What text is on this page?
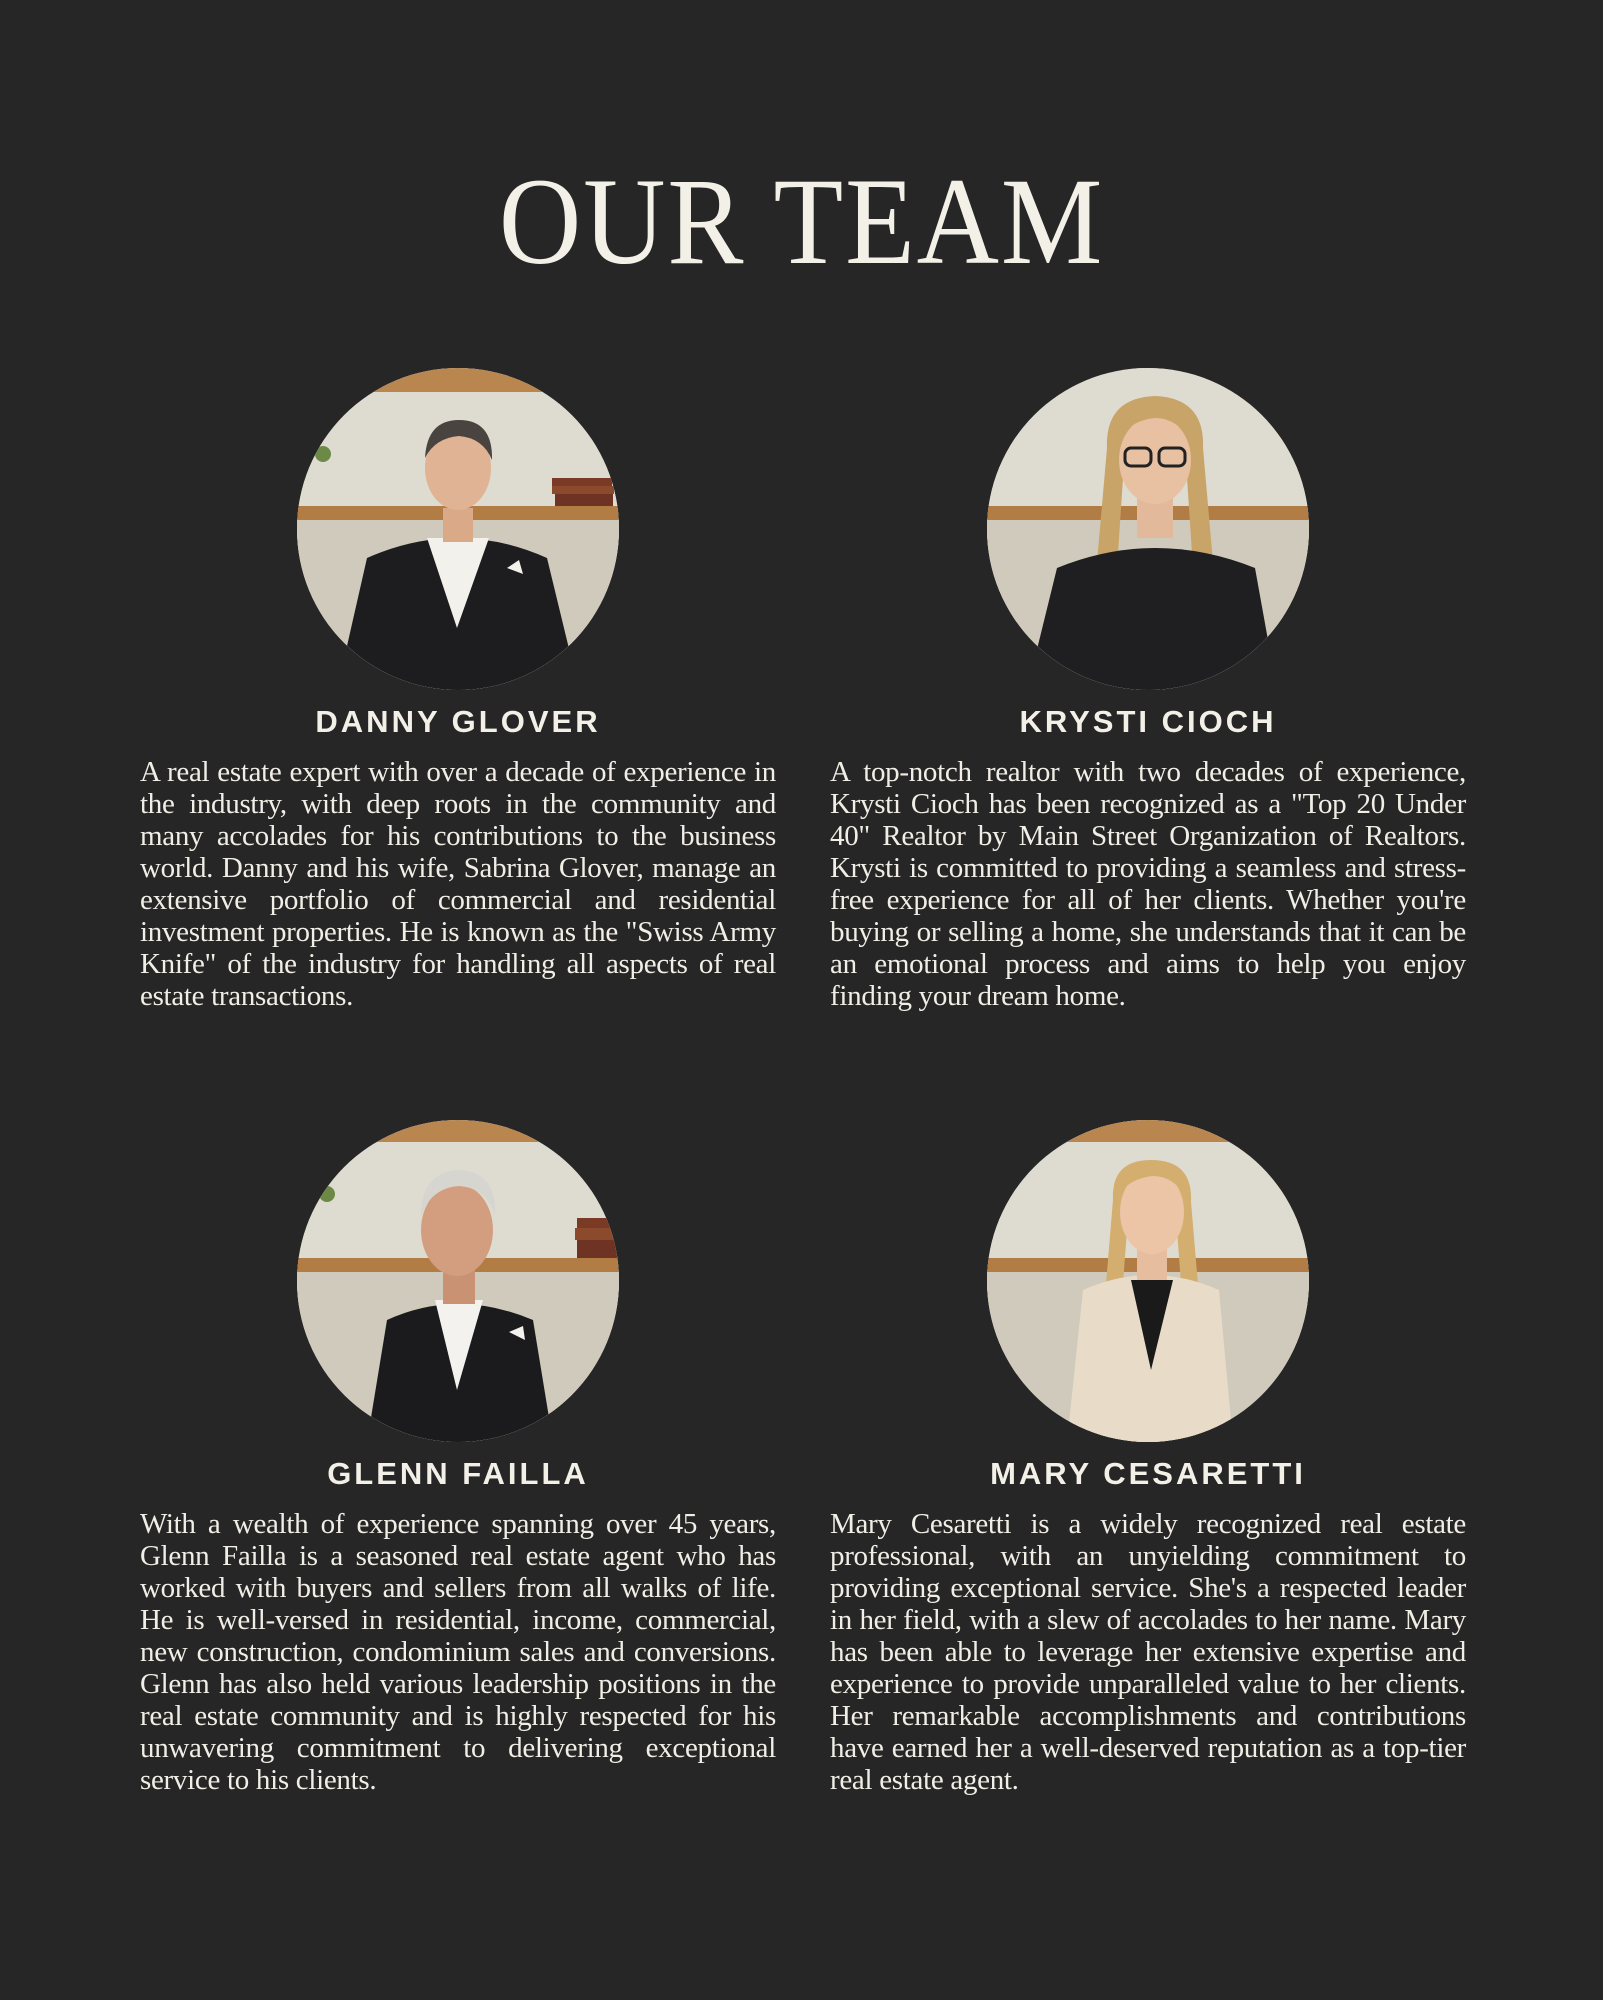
OUR TEAM
DANNY GLOVER
A real estate expert with over a decade of experience in the industry, with deep roots in the community and many accolades for his contributions to the business world. Danny and his wife, Sabrina Glover, manage an extensive portfolio of commercial and residential investment properties. He is known as the "Swiss Army Knife" of the industry for handling all aspects of real estate transactions.
KRYSTI CIOCH
A top-notch realtor with two decades of experience, Krysti Cioch has been recognized as a "Top 20 Under 40" Realtor by Main Street Organization of Realtors. Krysti is committed to providing a seamless and stress-free experience for all of her clients. Whether you're buying or selling a home, she understands that it can be an emotional process and aims to help you enjoy finding your dream home.
GLENN FAILLA
With a wealth of experience spanning over 45 years, Glenn Failla is a seasoned real estate agent who has worked with buyers and sellers from all walks of life. He is well-versed in residential, income, commercial, new construction, condominium sales and conversions. Glenn has also held various leadership positions in the real estate community and is highly respected for his unwavering commitment to delivering exceptional service to his clients.
MARY CESARETTI
Mary Cesaretti is a widely recognized real estate professional, with an unyielding commitment to providing exceptional service. She's a respected leader in her field, with a slew of accolades to her name. Mary has been able to leverage her extensive expertise and experience to provide unparalleled value to her clients. Her remarkable accomplishments and contributions have earned her a well-deserved reputation as a top-tier real estate agent.
